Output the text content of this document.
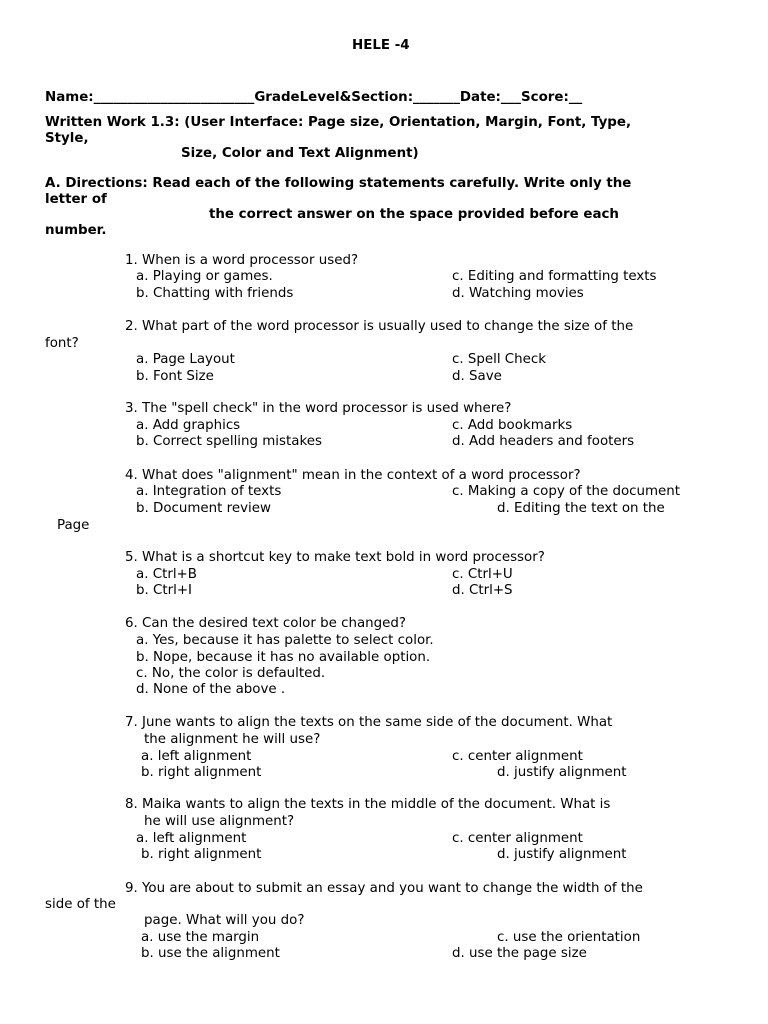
HELE -4
Name:________________________GradeLevel&Section:_______Date:___Score:__
Written Work 1.3: (User Interface: Page size, Orientation, Margin, Font, Type,
Style,
Size, Color and Text Alignment)
A. Directions: Read each of the following statements carefully. Write only the
letter of
the correct answer on the space provided before each
number.
1. When is a word processor used?
a. Playing or games.	c. Editing and formatting texts
b. Chatting with friends	d. Watching movies
2. What part of the word processor is usually used to change the size of the
font?
a. Page Layout	c. Spell Check
b. Font Size	d. Save
3. The "spell check" in the word processor is used where?
a. Add graphics	c. Add bookmarks
b. Correct spelling mistakes	d. Add headers and footers
4. What does "alignment" mean in the context of a word processor?
a. Integration of texts	c. Making a copy of the document
b. Document review	d. Editing the text on the
Page
5. What is a shortcut key to make text bold in word processor?
a. Ctrl+B	c. Ctrl+U
b. Ctrl+I	d. Ctrl+S
6. Can the desired text color be changed?
a. Yes, because it has palette to select color.
b. Nope, because it has no available option.
c. No, the color is defaulted.
d. None of the above .
7. June wants to align the texts on the same side of the document. What
the alignment he will use?
a. left alignment	c. center alignment
b. right alignment	d. justify alignment
8. Maika wants to align the texts in the middle of the document. What is
he will use alignment?
a. left alignment	c. center alignment
b. right alignment	d. justify alignment
9. You are about to submit an essay and you want to change the width of the
side of the
page. What will you do?
a. use the margin	c. use the orientation
b. use the alignment	d. use the page size
